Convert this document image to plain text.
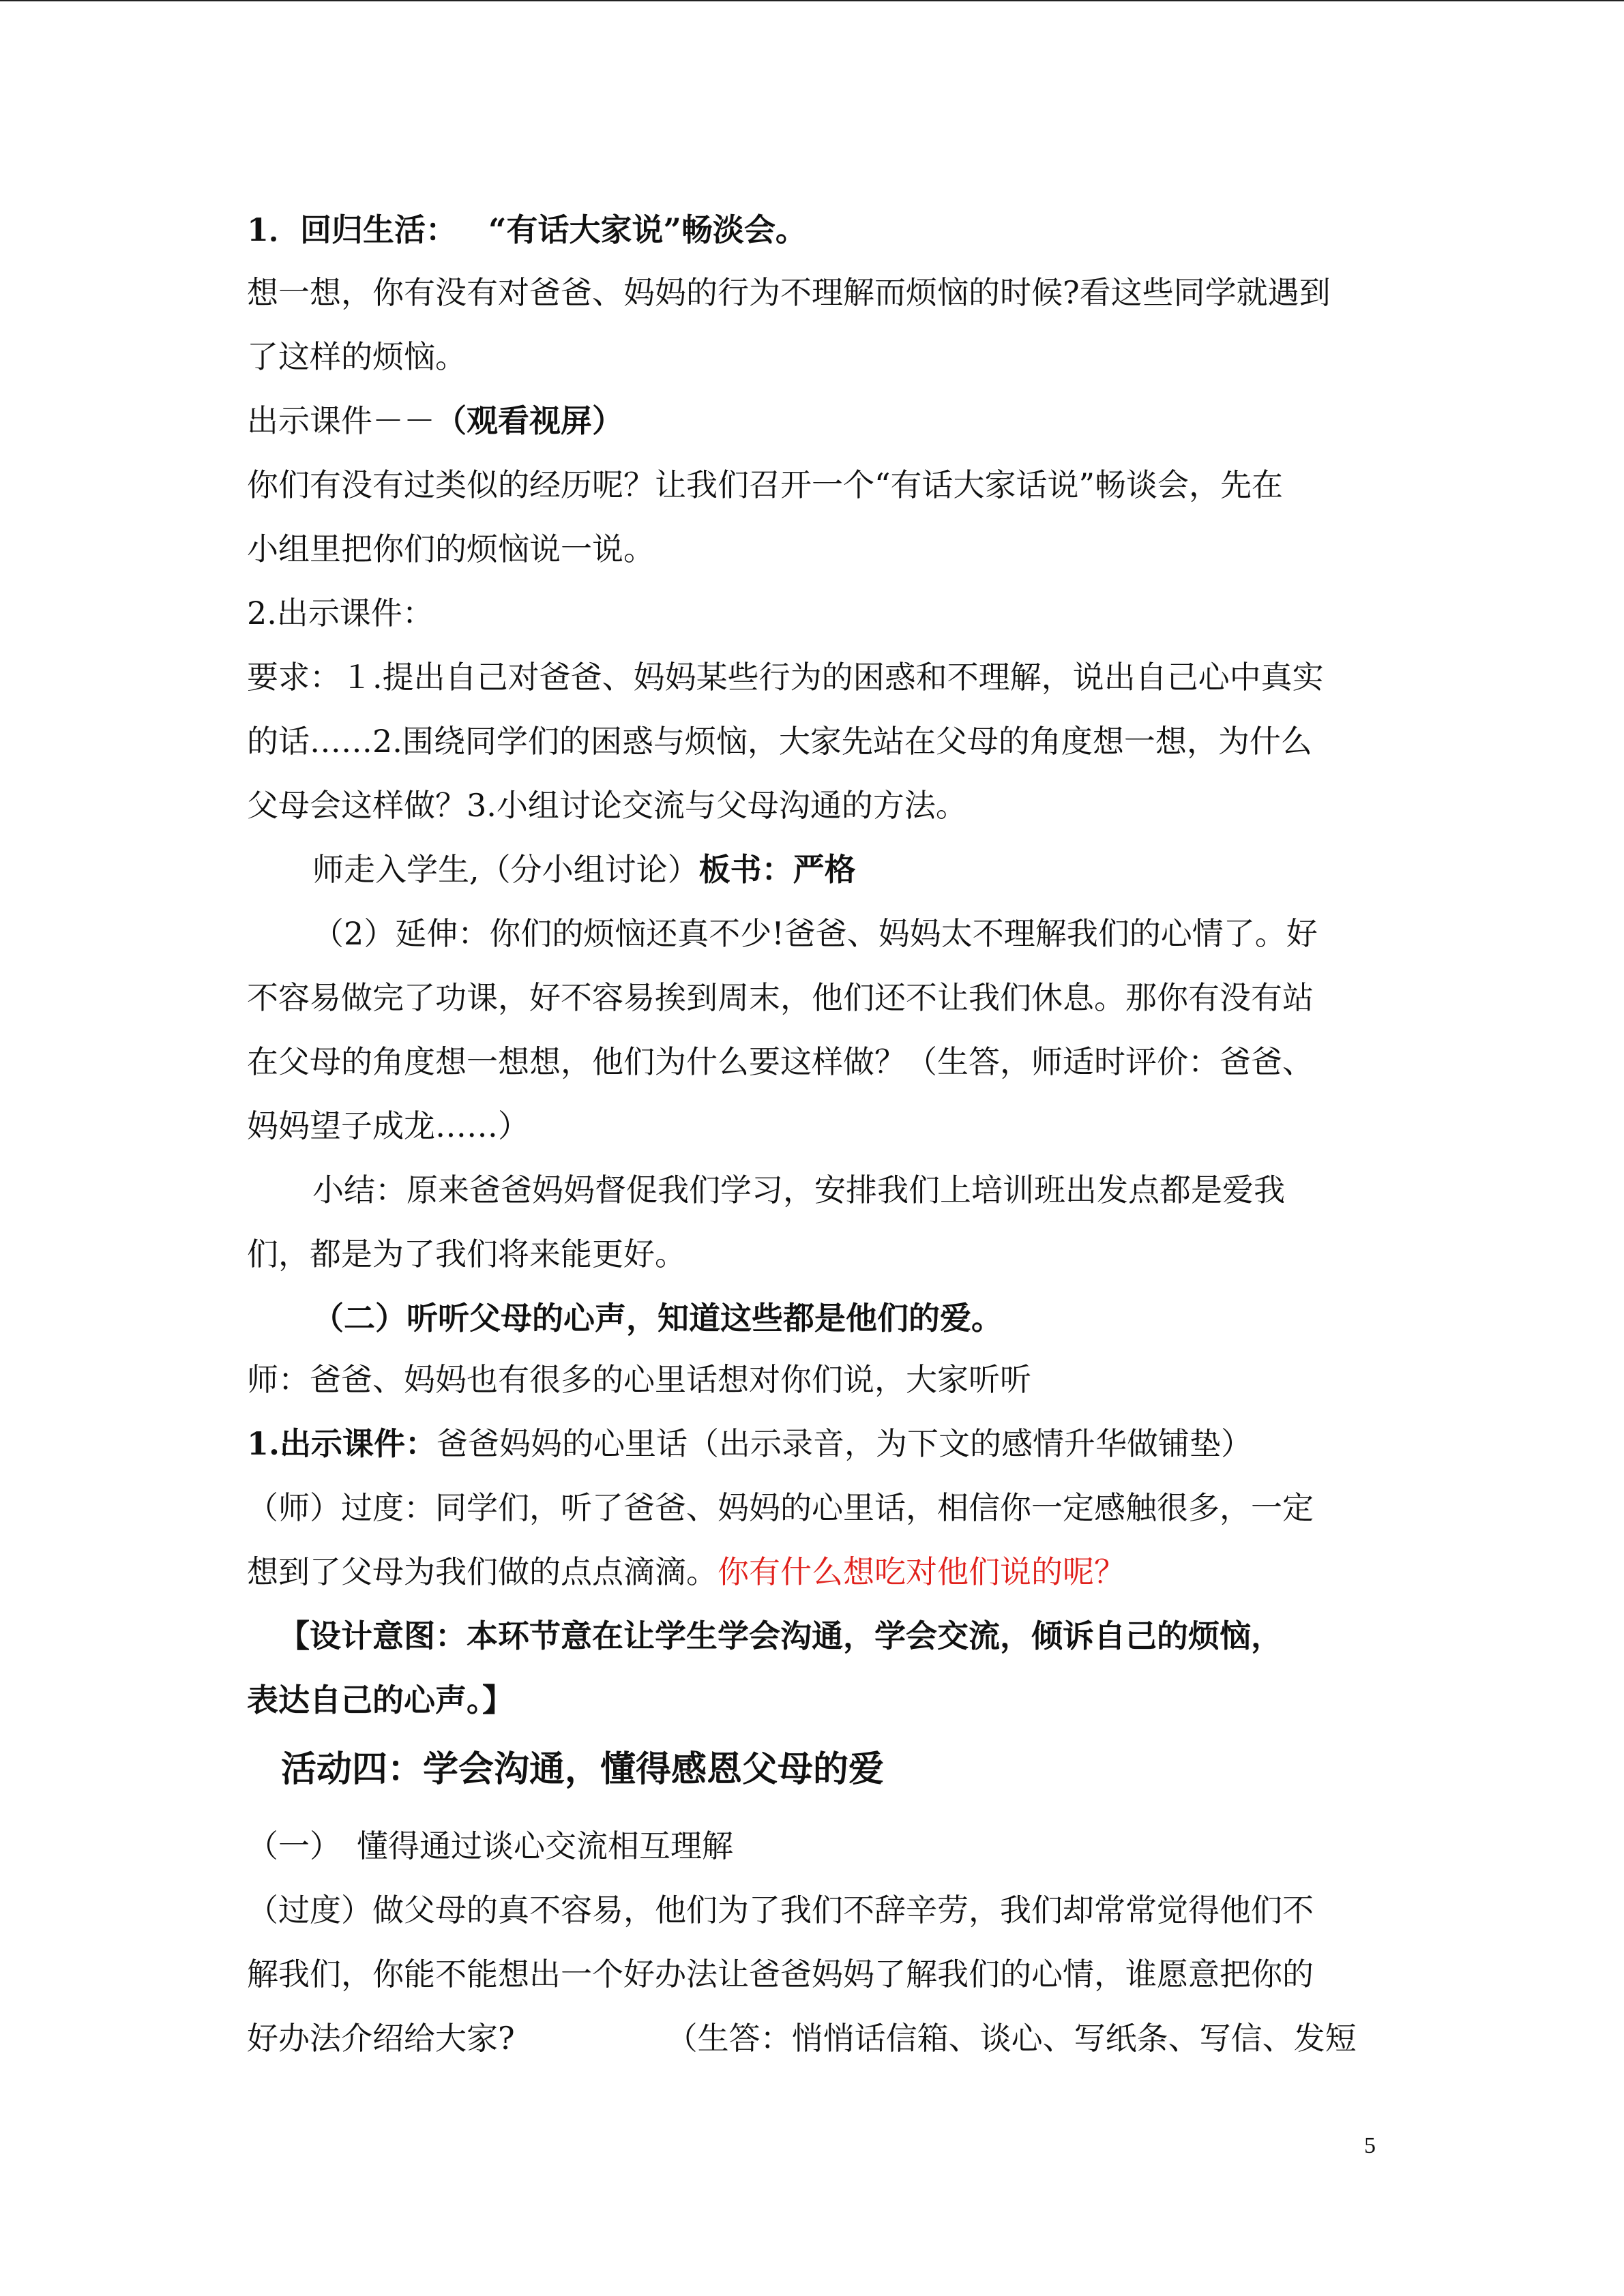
1．回归生活： “有话大家说”畅淡会。
想一想，你有没有对爸爸、妈妈的行为不理解而烦恼的时候?看这些同学就遇到
了这样的烦恼。
出示课件－－（观看视屏）
你们有没有过类似的经历呢？让我们召开一个“有话大家话说”畅谈会，先在
小组里把你们的烦恼说一说。
2.出示课件：
要求：１.提出自己对爸爸、妈妈某些行为的困惑和不理解，说出自己心中真实
的话……2.围绕同学们的困惑与烦恼，大家先站在父母的角度想一想，为什么
父母会这样做？3.小组讨论交流与父母沟通的方法。
师走入学生,（分小组讨论）板书：严格
（2）延伸：你们的烦恼还真不少!爸爸、妈妈太不理解我们的心情了。好
不容易做完了功课，好不容易挨到周末，他们还不让我们休息。那你有没有站
在父母的角度想一想想，他们为什么要这样做？（生答，师适时评价：爸爸、
妈妈望子成龙……）
小结：原来爸爸妈妈督促我们学习，安排我们上培训班出发点都是爱我
们，都是为了我们将来能更好。
（二）听听父母的心声，知道这些都是他们的爱。
师：爸爸、妈妈也有很多的心里话想对你们说，大家听听
1.出示课件：爸爸妈妈的心里话（出示录音，为下文的感情升华做铺垫）
（师）过度：同学们，听了爸爸、妈妈的心里话，相信你一定感触很多，一定
想到了父母为我们做的点点滴滴。你有什么想吃对他们说的呢？
【设计意图：本环节意在让学生学会沟通，学会交流，倾诉自己的烦恼，
表达自己的心声。】
活动四：学会沟通，懂得感恩父母的爱
（一）　懂得通过谈心交流相互理解
（过度）做父母的真不容易，他们为了我们不辞辛劳，我们却常常觉得他们不
解我们，你能不能想出一个好办法让爸爸妈妈了解我们的心情，谁愿意把你的
好办法介绍给大家?	（生答：悄悄话信箱、谈心、写纸条、写信、发短
5
